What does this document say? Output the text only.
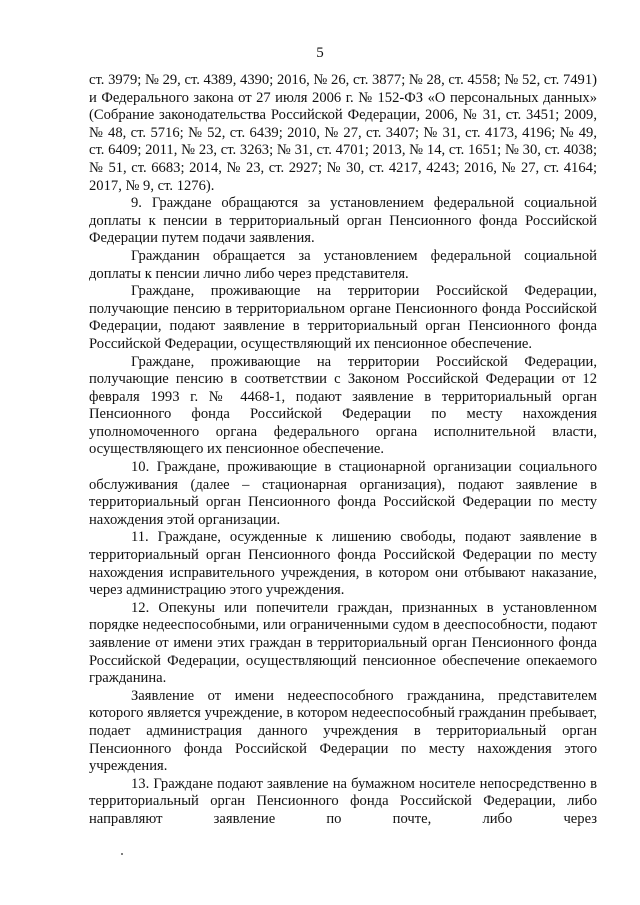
5

ст. 3979; № 29, ст. 4389, 4390; 2016, № 26, ст. 3877; № 28, ст. 4558; № 52, ст. 7491) и Федерального закона от 27 июля 2006 г. № 152-ФЗ «О персональных данных» (Собрание законодательства Российской Федерации, 2006, № 31, ст. 3451; 2009, № 48, ст. 5716; № 52, ст. 6439; 2010, № 27, ст. 3407; № 31, ст. 4173, 4196; № 49, ст. 6409; 2011, № 23, ст. 3263; № 31, ст. 4701; 2013, № 14, ст. 1651; № 30, ст. 4038; № 51, ст. 6683; 2014, № 23, ст. 2927; № 30, ст. 4217, 4243; 2016, № 27, ст. 4164; 2017, № 9, ст. 1276).

9. Граждане обращаются за установлением федеральной социальной доплаты к пенсии в территориальный орган Пенсионного фонда Российской Федерации путем подачи заявления.

Гражданин обращается за установлением федеральной социальной доплаты к пенсии лично либо через представителя.

Граждане, проживающие на территории Российской Федерации, получающие пенсию в территориальном органе Пенсионного фонда Российской Федерации, подают заявление в территориальный орган Пенсионного фонда Российской Федерации, осуществляющий их пенсионное обеспечение.

Граждане, проживающие на территории Российской Федерации, получающие пенсию в соответствии с Законом Российской Федерации от 12 февраля 1993 г. № 4468-1, подают заявление в территориальный орган Пенсионного фонда Российской Федерации по месту нахождения уполномоченного органа федерального органа исполнительной власти, осуществляющего их пенсионное обеспечение.

10. Граждане, проживающие в стационарной организации социального обслуживания (далее – стационарная организация), подают заявление в территориальный орган Пенсионного фонда Российской Федерации по месту нахождения этой организации.

11. Граждане, осужденные к лишению свободы, подают заявление в территориальный орган Пенсионного фонда Российской Федерации по месту нахождения исправительного учреждения, в котором они отбывают наказание, через администрацию этого учреждения.

12. Опекуны или попечители граждан, признанных в установленном порядке недееспособными, или ограниченными судом в дееспособности, подают заявление от имени этих граждан в территориальный орган Пенсионного фонда Российской Федерации, осуществляющий пенсионное обеспечение опекаемого гражданина.

Заявление от имени недееспособного гражданина, представителем которого является учреждение, в котором недееспособный гражданин пребывает, подает администрация данного учреждения в территориальный орган Пенсионного фонда Российской Федерации по месту нахождения этого учреждения.

13. Граждане подают заявление на бумажном носителе непосредственно в территориальный орган Пенсионного фонда Российской Федерации, либо направляют заявление по почте, либо через
